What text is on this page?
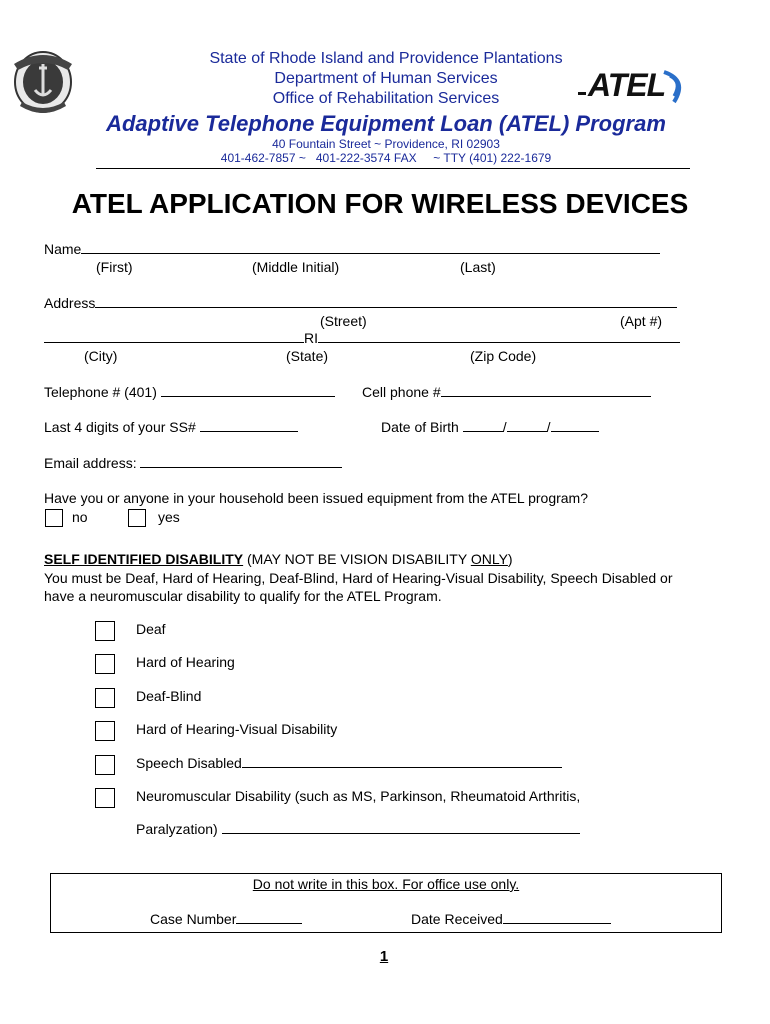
State of Rhode Island and Providence Plantations
Department of Human Services
Office of Rehabilitation Services	ATEL
Adaptive Telephone Equipment Loan (ATEL) Program
40 Fountain Street ~ Providence, RI 02903
401-462-7857 ~   401-222-3574 FAX     ~ TTY (401) 222-1679
ATEL APPLICATION FOR WIRELESS DEVICES
Name
(First)	(Middle Initial)	(Last)
Address
(Street)	(Apt #)
RI
(City)	(State)	(Zip Code)
Telephone # (401)	Cell phone #
Last 4 digits of your SS#	Date of Birth	/	/
Email address:
Have you or anyone in your household been issued equipment from the ATEL program?
no	yes
SELF IDENTIFIED DISABILITY (MAY NOT BE VISION DISABILITY ONLY)
You must be Deaf, Hard of Hearing, Deaf-Blind, Hard of Hearing-Visual Disability, Speech Disabled or
have a neuromuscular disability to qualify for the ATEL Program.
Deaf
Hard of Hearing
Deaf-Blind
Hard of Hearing-Visual Disability
Speech Disabled
Neuromuscular Disability (such as MS, Parkinson, Rheumatoid Arthritis,
Paralyzation)
Do not write in this box. For office use only.
Case Number	Date Received
1
